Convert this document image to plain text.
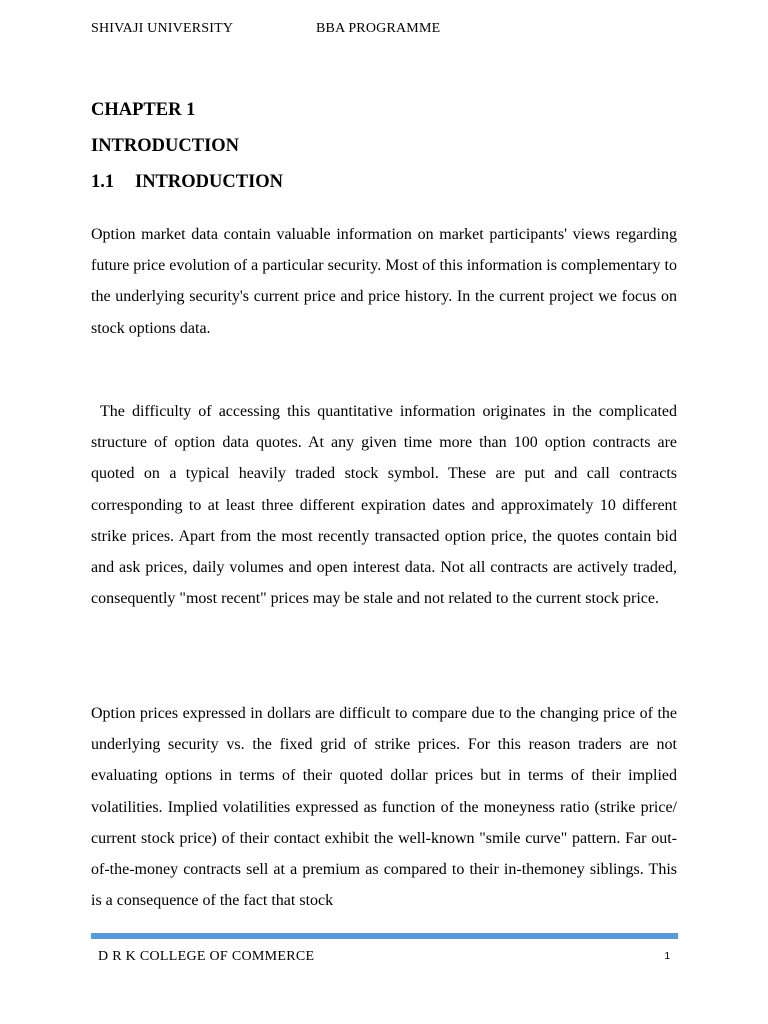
SHIVAJI UNIVERSITY	BBA PROGRAMME
CHAPTER 1
INTRODUCTION
1.1 INTRODUCTION

Option market data contain valuable information on market participants' views regarding future price evolution of a particular security. Most of this information is complementary to the underlying security's current price and price history. In the current project we focus on stock options data.

The difficulty of accessing this quantitative information originates in the complicated structure of option data quotes. At any given time more than 100 option contracts are quoted on a typical heavily traded stock symbol. These are put and call contracts corresponding to at least three different expiration dates and approximately 10 different strike prices. Apart from the most recently transacted option price, the quotes contain bid and ask prices, daily volumes and open interest data. Not all contracts are actively traded, consequently "most recent" prices may be stale and not related to the current stock price.

Option prices expressed in dollars are difficult to compare due to the changing price of the underlying security vs. the fixed grid of strike prices. For this reason traders are not evaluating options in terms of their quoted dollar prices but in terms of their implied volatilities. Implied volatilities expressed as function of the moneyness ratio (strike price/ current stock price) of their contact exhibit the well-known "smile curve" pattern. Far out-of-the-money contracts sell at a premium as compared to their in-themoney siblings. This is a consequence of the fact that stock

D R K COLLEGE OF COMMERCE	1
